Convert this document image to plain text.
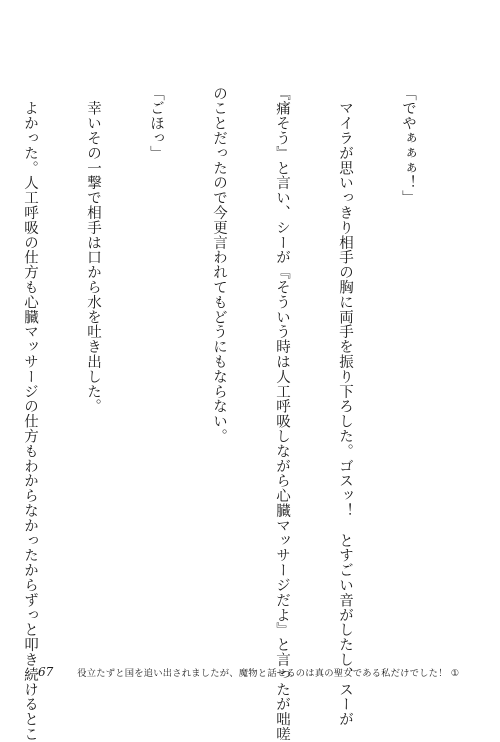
「でやぁぁぁ！」

　マイラが思いっきり相手の胸に両手を振り下ろした。ゴスッ！　とすごい音がしたし、スーが

『痛そう』と言い、シーが『そういう時は人工呼吸しながら心臓マッサージだよ』と言ったが咄嗟

のことだったので今更言われてもどうにもならない。

「ごほっ」

　幸いその一撃で相手は口から水を吐き出した。

　よかった。人工呼吸の仕方も心臓マッサージの仕方もわからなかったからずっと叩き続けるとこ

67	役立たずと国を追い出されましたが、魔物と話せるのは真の聖女である私だけでした！ ①
